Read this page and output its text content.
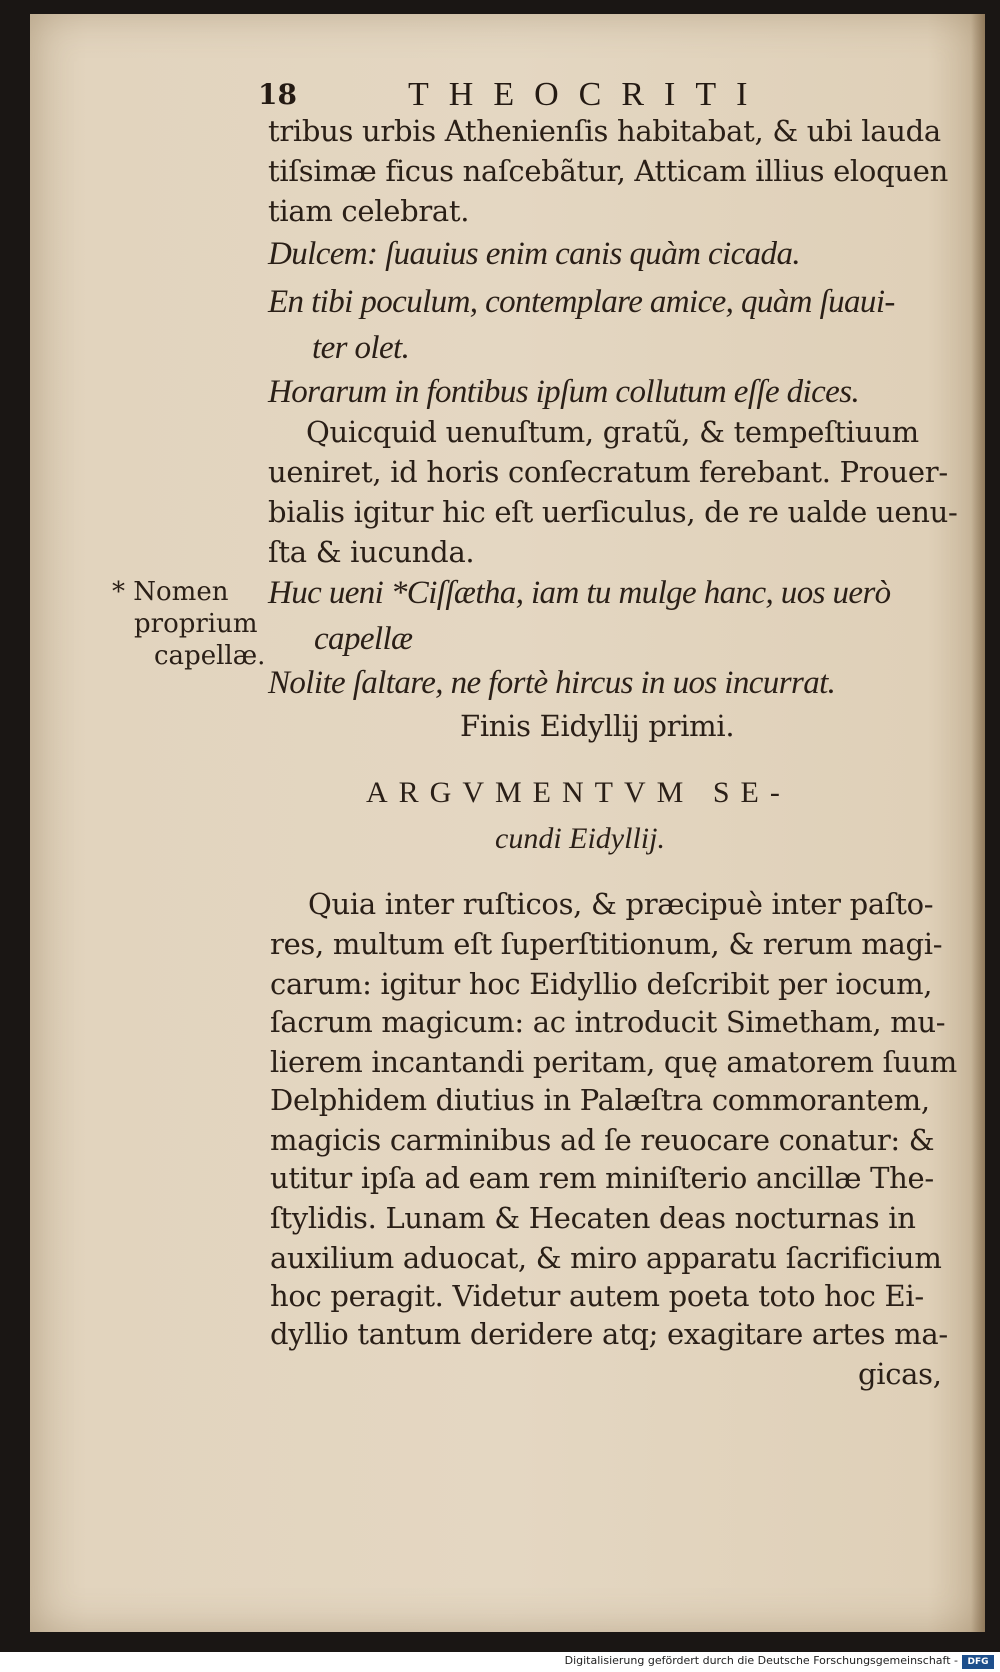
18	THEOCRITI
tribus urbis Athenienſis habitabat, & ubi lauda
tiſsimæ ficus naſcebãtur, Atticam illius eloquen
tiam celebrat.
Dulcem: ſuauius enim canis quàm cicada.
En tibi poculum, contemplare amice, quàm ſuaui-
ter olet.
Horarum in fontibus ipſum collutum eſſe dices.
Quicquid uenuſtum, gratũ, & tempeſtiuum
ueniret, id horis conſecratum ferebant. Prouer-
bialis igitur hic eſt uerſiculus, de re ualde uenu-
ſta & iucunda.
Huc ueni *Ciſſætha, iam tu mulge hanc, uos uerò
capellæ
Nolite ſaltare, ne fortè hircus in uos incurrat.
Finis Eidyllij primi.
* Nomen
proprium
capellæ.
ARGVMENTVM SE-
cundi Eidyllij.
Quia inter ruſticos, & præcipuè inter paſto-
res, multum eſt ſuperſtitionum, & rerum magi-
carum: igitur hoc Eidyllio deſcribit per iocum,
ſacrum magicum: ac introducit Simetham, mu-
lierem incantandi peritam, quę amatorem ſuum
Delphidem diutius in Palæſtra commorantem,
magicis carminibus ad ſe reuocare conatur: &
utitur ipſa ad eam rem miniſterio ancillæ The-
ſtylidis. Lunam & Hecaten deas nocturnas in
auxilium aduocat, & miro apparatu ſacrificium
hoc peragit. Videtur autem poeta toto hoc Ei-
dyllio tantum deridere atq; exagitare artes ma-
gicas,
Digitalisierung gefördert durch die Deutsche Forschungsgemeinschaft -	DFG
